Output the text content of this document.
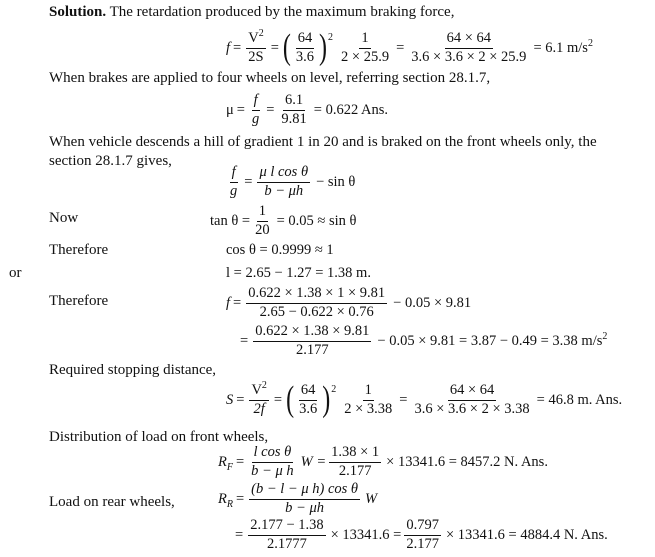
Solution. The retardation produced by the maximum braking force,
$f = \frac{V^2}{2S}$ = ( $\frac{64}{3.6} )^2 \frac{1}{2 \times 25.9} = \frac{64 \times 64}{3.6 \times 3.6 \times 2 \times 25.9} = 6.1$ $m/s^2$
When brakes are applied to four wheels on level, referring section 28.1.7,
$\mu = \frac{f}{g} = \frac{6.1}{9.81} = 0.622$ Ans.
When vehicle descends a hill of gradient 1 in 20 and is braked on the front wheels only, the
section 28.1.7 gives,
$\frac{f}{g} = \frac{\text{μ l cos θ}}{b - \mu h} - \sin \theta$
Now	$\tan \theta = \frac{1}{20} = 0.05 \approx \sin \theta$
Therefore	cos θ = 0.9999 ≈ 1
or	l = 2.65 − 1.27 = 1.38 m.
Therefore	$f = \frac{0.622 \times 1.38 \times 1 \times 9.81}{2.65 - 0.622 \times 0.76} - 0.05 \times 9.81$
= $\frac{0.622 \times 1.38 \times 9.81}{2.177} - 0.05 \times 9.81 = 3.87 - 0.49 = 3.38$ $m/s^2$
Required stopping distance,
$S = \frac{V^2}{2f}$ = ( $\frac{64}{3.6} )^2 \frac{1}{2 \times 3.38} = \frac{64 \times 64}{3.6 \times 3.6 \times 2 \times 3.38} = 46.8$ m. Ans.
Distribution of load on front wheels,
$R_F = \frac{\text{l cos θ}}{\text{b − μ h}}$ $W = \frac{1.38 \times 1}{2.177} \times 13341.6 = 8457.2$ N. Ans.
Load on rear wheels,	$R_R = \frac{\text{(b − l − μ h) cos θ}}{b - \mu h}$ W
= $\frac{2.177 - 1.38}{2.1777} \times 13341.6 = \frac{0.797}{2.177} \times 13341.6 = 4884.4$ N. Ans.
